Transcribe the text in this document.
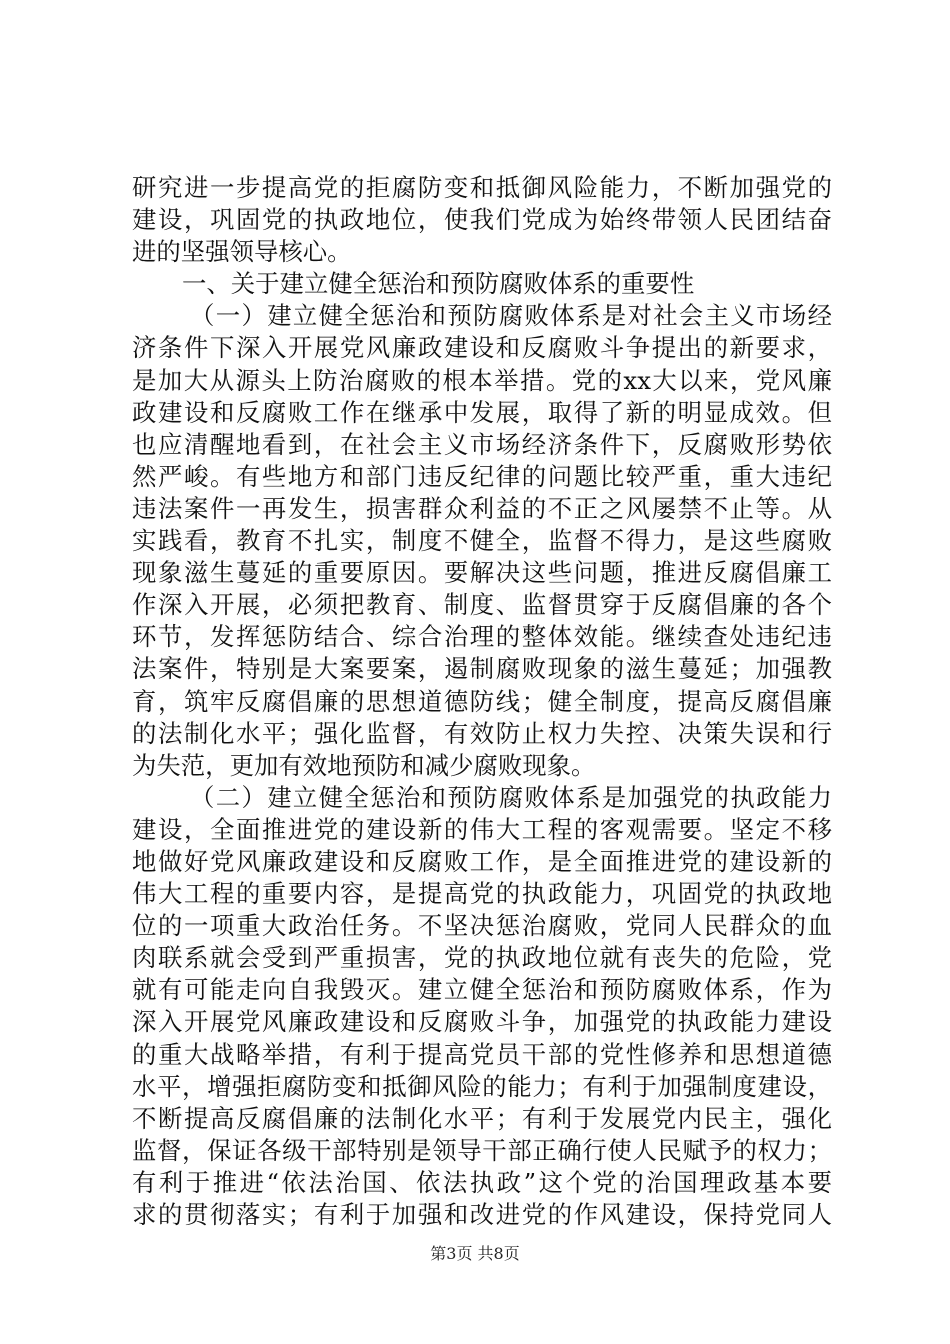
研究进一步提高党的拒腐防变和抵御风险能力，不断加强党的
建设，巩固党的执政地位，使我们党成为始终带领人民团结奋
进的坚强领导核心。
一、关于建立健全惩治和预防腐败体系的重要性
（一）建立健全惩治和预防腐败体系是对社会主义市场经
济条件下深入开展党风廉政建设和反腐败斗争提出的新要求，
是加大从源头上防治腐败的根本举措。党的xx大以来，党风廉
政建设和反腐败工作在继承中发展，取得了新的明显成效。但
也应清醒地看到，在社会主义市场经济条件下，反腐败形势依
然严峻。有些地方和部门违反纪律的问题比较严重，重大违纪
违法案件一再发生，损害群众利益的不正之风屡禁不止等。从
实践看，教育不扎实，制度不健全，监督不得力，是这些腐败
现象滋生蔓延的重要原因。要解决这些问题，推进反腐倡廉工
作深入开展，必须把教育、制度、监督贯穿于反腐倡廉的各个
环节，发挥惩防结合、综合治理的整体效能。继续查处违纪违
法案件，特别是大案要案，遏制腐败现象的滋生蔓延；加强教
育，筑牢反腐倡廉的思想道德防线；健全制度，提高反腐倡廉
的法制化水平；强化监督，有效防止权力失控、决策失误和行
为失范，更加有效地预防和减少腐败现象。
（二）建立健全惩治和预防腐败体系是加强党的执政能力
建设，全面推进党的建设新的伟大工程的客观需要。坚定不移
地做好党风廉政建设和反腐败工作，是全面推进党的建设新的
伟大工程的重要内容，是提高党的执政能力，巩固党的执政地
位的一项重大政治任务。不坚决惩治腐败，党同人民群众的血
肉联系就会受到严重损害，党的执政地位就有丧失的危险，党
就有可能走向自我毁灭。建立健全惩治和预防腐败体系，作为
深入开展党风廉政建设和反腐败斗争，加强党的执政能力建设
的重大战略举措，有利于提高党员干部的党性修养和思想道德
水平，增强拒腐防变和抵御风险的能力；有利于加强制度建设，
不断提高反腐倡廉的法制化水平；有利于发展党内民主，强化
监督，保证各级干部特别是领导干部正确行使人民赋予的权力；
有利于推进“依法治国、依法执政”这个党的治国理政基本要
求的贯彻落实；有利于加强和改进党的作风建设，保持党同人
第3页 共8页
